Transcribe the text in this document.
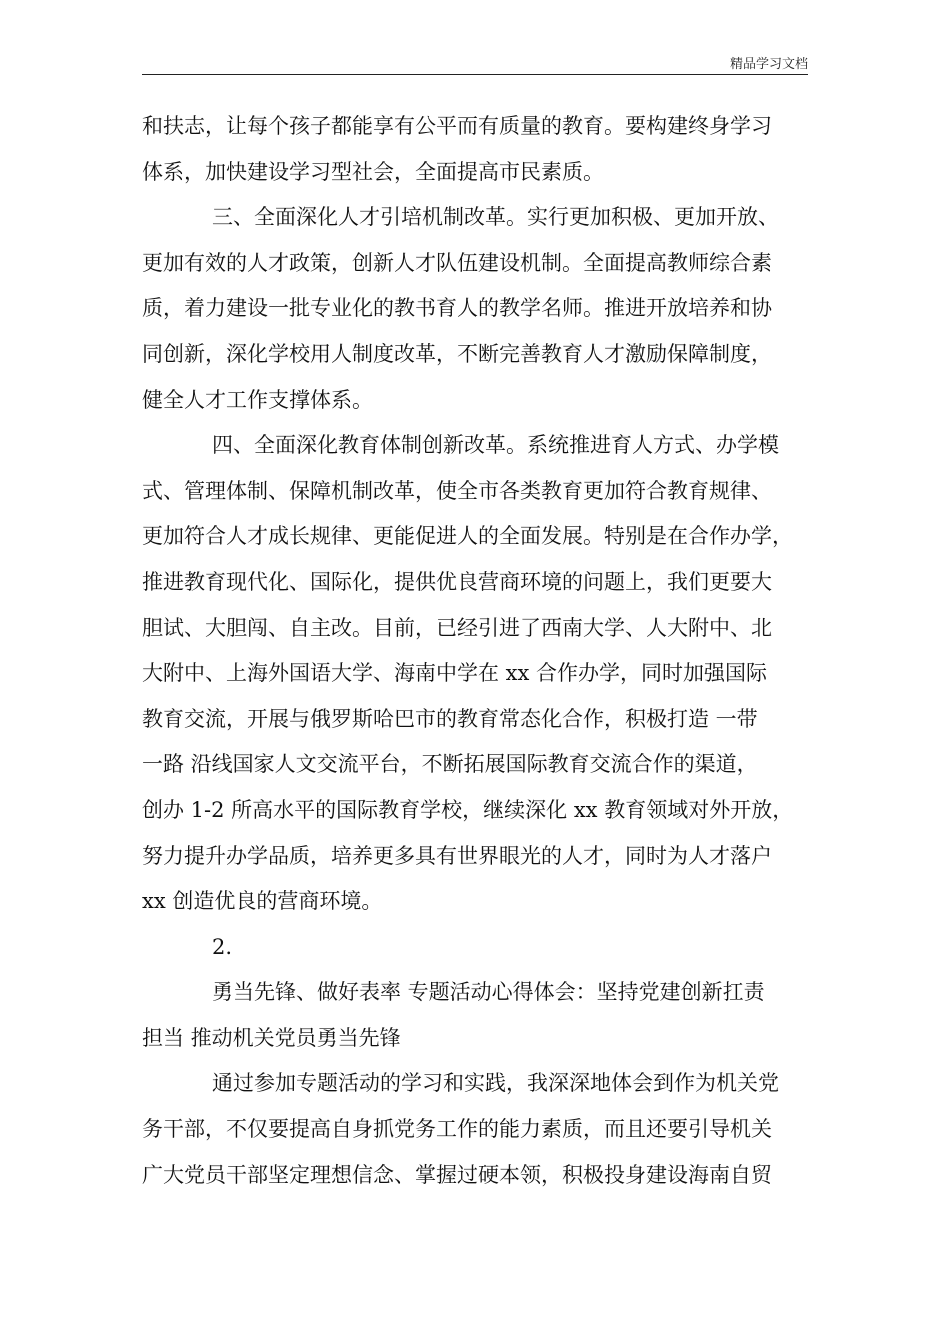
精品学习文档
和扶志，让每个孩子都能享有公平而有质量的教育。要构建终身学习
体系，加快建设学习型社会，全面提高市民素质。
三、全面深化人才引培机制改革。实行更加积极、更加开放、
更加有效的人才政策，创新人才队伍建设机制。全面提高教师综合素
质，着力建设一批专业化的教书育人的教学名师。推进开放培养和协
同创新，深化学校用人制度改革，不断完善教育人才激励保障制度，
健全人才工作支撑体系。
四、全面深化教育体制创新改革。系统推进育人方式、办学模
式、管理体制、保障机制改革，使全市各类教育更加符合教育规律、
更加符合人才成长规律、更能促进人的全面发展。特别是在合作办学，
推进教育现代化、国际化，提供优良营商环境的问题上，我们更要大
胆试、大胆闯、自主改。目前，已经引进了西南大学、人大附中、北
大附中、上海外国语大学、海南中学在 xx 合作办学，同时加强国际
教育交流，开展与俄罗斯哈巴市的教育常态化合作，积极打造 一带
一路 沿线国家人文交流平台，不断拓展国际教育交流合作的渠道，
创办 1-2 所高水平的国际教育学校，继续深化 xx 教育领域对外开放，
努力提升办学品质，培养更多具有世界眼光的人才，同时为人才落户
xx 创造优良的营商环境。
2.
勇当先锋、做好表率 专题活动心得体会：坚持党建创新扛责
担当 推动机关党员勇当先锋
通过参加专题活动的学习和实践，我深深地体会到作为机关党
务干部，不仅要提高自身抓党务工作的能力素质，而且还要引导机关
广大党员干部坚定理想信念、掌握过硬本领，积极投身建设海南自贸
